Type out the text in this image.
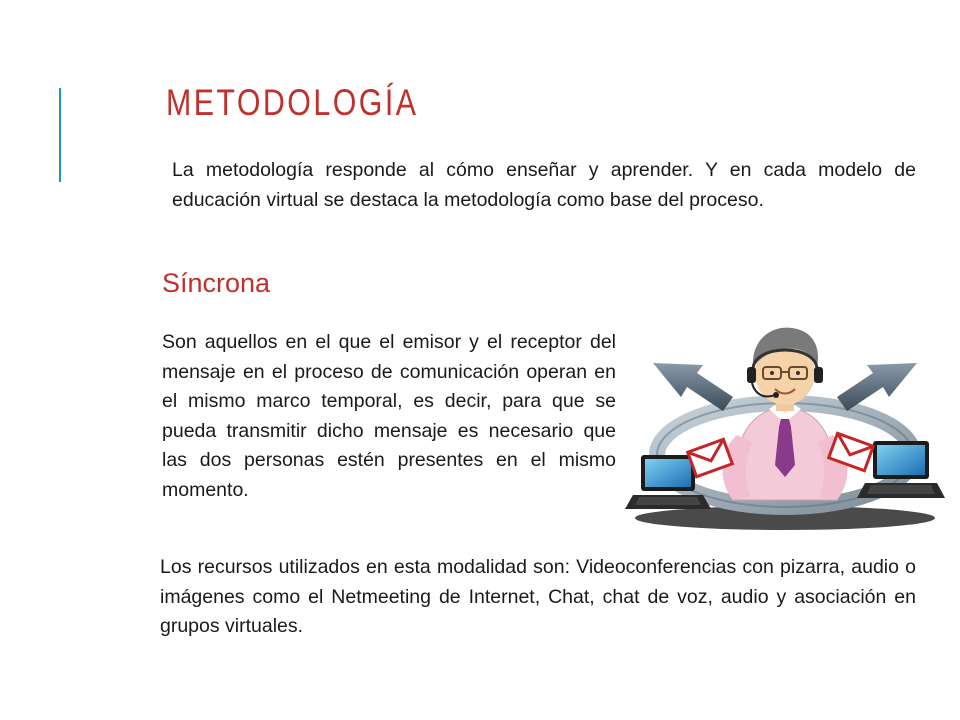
METODOLOGÍA

La metodología responde al cómo enseñar y aprender. Y en cada modelo de educación virtual se destaca la metodología como base del proceso.

Síncrona

Son aquellos en el que el emisor y el receptor del mensaje en el proceso de comunicación operan en el mismo marco temporal, es decir, para que se pueda transmitir dicho mensaje es necesario que las dos personas estén presentes en el mismo momento.

Los recursos utilizados en esta modalidad son: Videoconferencias con pizarra, audio o imágenes como el Netmeeting de Internet, Chat, chat de voz, audio y asociación en grupos virtuales.
